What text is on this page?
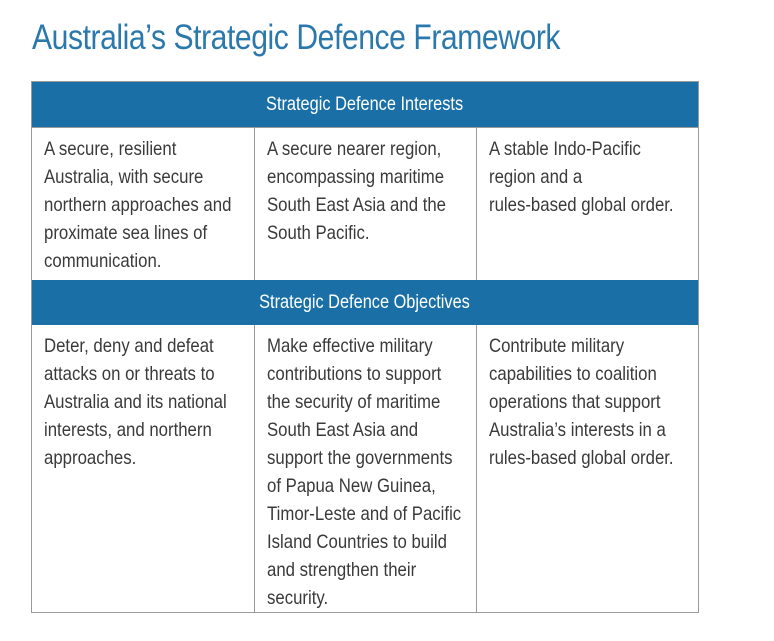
Australia’s Strategic Defence Framework
Strategic Defence Interests
A secure, resilient
Australia, with secure
northern approaches and
proximate sea lines of
communication.
A secure nearer region,
encompassing maritime
South East Asia and the
South Pacific.
A stable Indo-Pacific
region and a
rules-based global order.
Strategic Defence Objectives
Deter, deny and defeat
attacks on or threats to
Australia and its national
interests, and northern
approaches.
Make effective military
contributions to support
the security of maritime
South East Asia and
support the governments
of Papua New Guinea,
Timor-Leste and of Pacific
Island Countries to build
and strengthen their
security.
Contribute military
capabilities to coalition
operations that support
Australia’s interests in a
rules-based global order.
